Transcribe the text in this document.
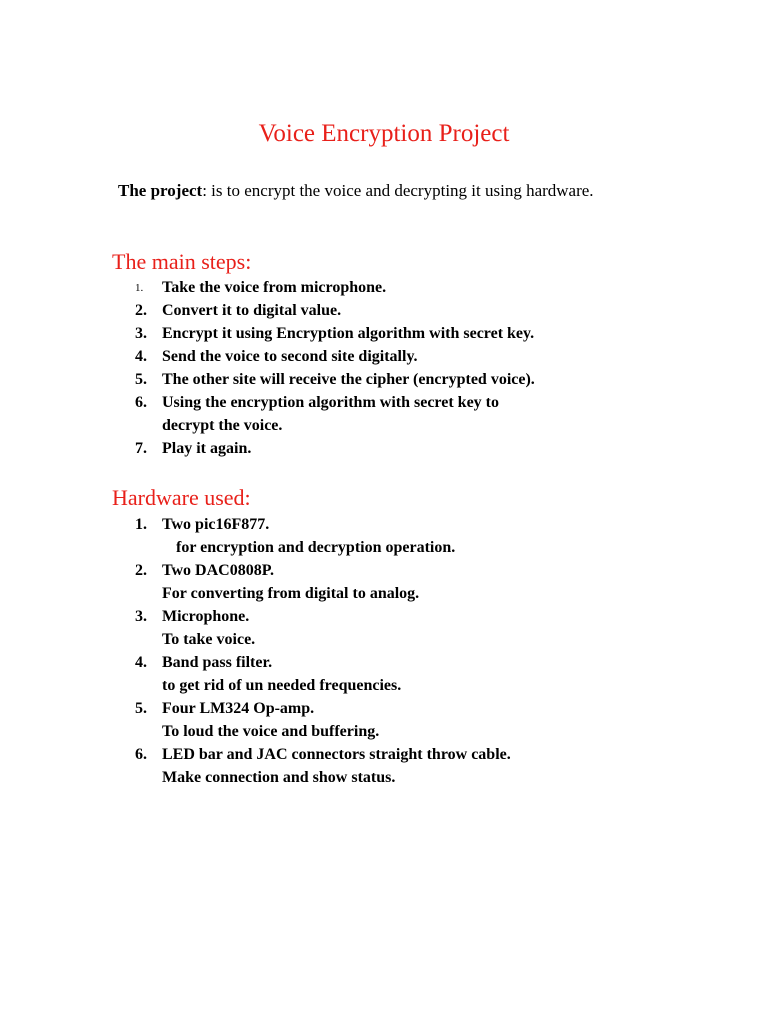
Voice Encryption Project
The project: is to encrypt the voice and decrypting it using hardware.
The main steps:
1. Take the voice from microphone.
2. Convert it to digital value.
3. Encrypt it using Encryption algorithm with secret key.
4. Send the voice to second site digitally.
5. The other site will receive the cipher (encrypted voice).
6. Using the encryption algorithm with secret key to
decrypt the voice.
7. Play it again.
Hardware used:
1. Two pic16F877.
for encryption and decryption operation.
2. Two DAC0808P.
For converting from digital to analog.
3. Microphone.
To take voice.
4. Band pass filter.
to get rid of un needed frequencies.
5. Four LM324 Op-amp.
To loud the voice and buffering.
6. LED bar and JAC connectors straight throw cable.
Make connection and show status.
